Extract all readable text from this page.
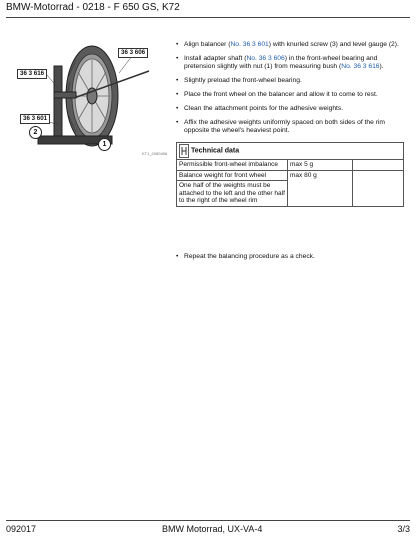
BMW-Motorrad - 0218 - F 650 GS, K72
36 3 606
36 3 616
36 3 601
2
1
KT1_2080456
• Align balancer (No. 36 3 601) with knurled screw (3) and level gauge (2).
• Install adapter shaft (No. 36 3 606) in the front-wheel bearing and pretension slightly with nut (1) from measuring bush (No. 36 3 616).
• Slightly preload the front-wheel bearing.
• Place the front wheel on the balancer and allow it to come to rest.
• Clean the attachment points for the adhesive weights.
• Affix the adhesive weights uniformly spaced on both sides of the rim opposite the wheel's heaviest point.
Technical data		
Permissible front-wheel imbalance	max 5 g	
Balance weight for front wheel	max 80 g	
One half of the weights must be attached to the left and the other half to the right of the wheel rim		
• Repeat the balancing procedure as a check.
092017	BMW Motorrad, UX-VA-4	3/3
